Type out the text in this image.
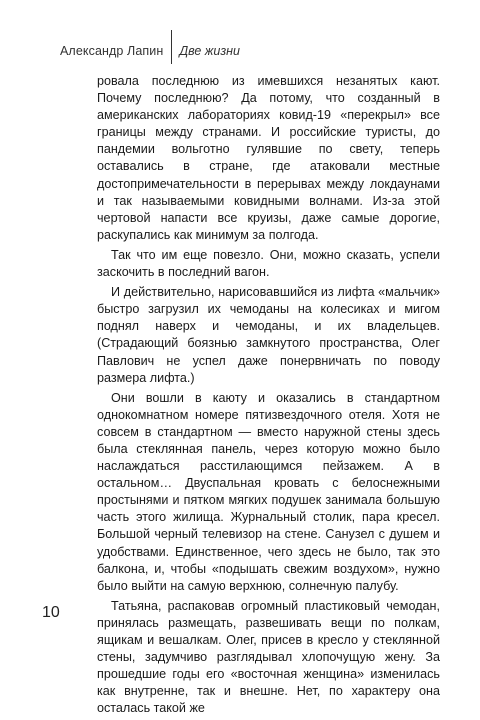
Александр Лапин Две жизни

ровала последнюю из имевшихся незанятых кают. Почему последнюю? Да потому, что созданный в американских лабораториях ковид-19 «перекрыл» все границы между странами. И российские туристы, до пандемии вольготно гулявшие по свету, теперь оставались в стране, где атаковали местные достопримечательности в перерывах между локдаунами и так называемыми ковидными волнами. Из-за этой чертовой напасти все круизы, даже самые дорогие, раскупались как минимум за полгода.

Так что им еще повезло. Они, можно сказать, успели заскочить в последний вагон.

И действительно, нарисовавшийся из лифта «мальчик» быстро загрузил их чемоданы на колесиках и мигом поднял наверх и чемоданы, и их владельцев. (Страдающий боязнью замкнутого пространства, Олег Павлович не успел даже понервничать по поводу размера лифта.)

Они вошли в каюту и оказались в стандартном однокомнатном номере пятизвездочного отеля. Хотя не совсем в стандартном — вместо наружной стены здесь была стеклянная панель, через которую можно было наслаждаться расстилающимся пейзажем. А в остальном… Двуспальная кровать с белоснежными простынями и пятком мягких подушек занимала большую часть этого жилища. Журнальный столик, пара кресел. Большой черный телевизор на стене. Санузел с душем и удобствами. Единственное, чего здесь не было, так это балкона, и, чтобы «подышать свежим воздухом», нужно было выйти на самую верхнюю, солнечную палубу.

Татьяна, распаковав огромный пластиковый чемодан, принялась размещать, развешивать вещи по полкам, ящикам и вешалкам. Олег, присев в кресло у стеклянной стены, задумчиво разглядывал хлопочущую жену. За прошедшие годы его «восточная женщина» изменилась как внутренне, так и внешне. Нет, по характеру она осталась такой же

10
